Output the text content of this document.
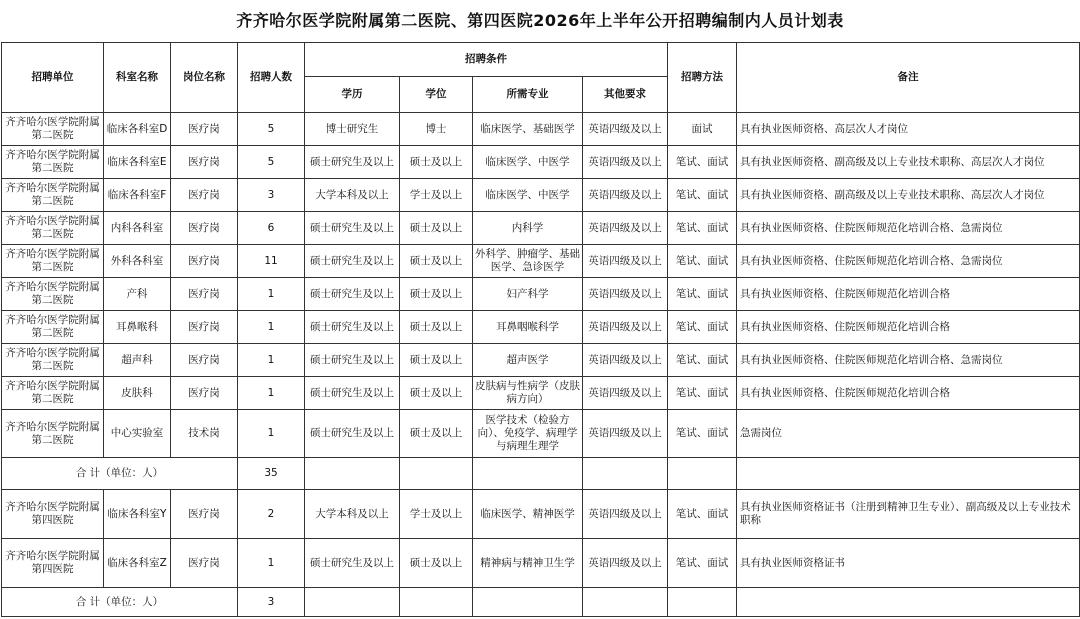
齐齐哈尔医学院附属第二医院、第四医院2026年上半年公开招聘编制内人员计划表
招聘单位	科室名称	岗位名称	招聘人数	招聘条件				招聘方法	备注
				学历	学位	所需专业	其他要求		
齐齐哈尔医学院附属第二医院	临床各科室D	医疗岗	5	博士研究生	博士	临床医学、基础医学	英语四级及以上	面试	具有执业医师资格、高层次人才岗位
齐齐哈尔医学院附属第二医院	临床各科室E	医疗岗	5	硕士研究生及以上	硕士及以上	临床医学、中医学	英语四级及以上	笔试、面试	具有执业医师资格、副高级及以上专业技术职称、高层次人才岗位
齐齐哈尔医学院附属第二医院	临床各科室F	医疗岗	3	大学本科及以上	学士及以上	临床医学、中医学	英语四级及以上	笔试、面试	具有执业医师资格、副高级及以上专业技术职称、高层次人才岗位
齐齐哈尔医学院附属第二医院	内科各科室	医疗岗	6	硕士研究生及以上	硕士及以上	内科学	英语四级及以上	笔试、面试	具有执业医师资格、住院医师规范化培训合格、急需岗位
齐齐哈尔医学院附属第二医院	外科各科室	医疗岗	11	硕士研究生及以上	硕士及以上	外科学、肿瘤学、基础医学、急诊医学	英语四级及以上	笔试、面试	具有执业医师资格、住院医师规范化培训合格、急需岗位
齐齐哈尔医学院附属第二医院	产科	医疗岗	1	硕士研究生及以上	硕士及以上	妇产科学	英语四级及以上	笔试、面试	具有执业医师资格、住院医师规范化培训合格
齐齐哈尔医学院附属第二医院	耳鼻喉科	医疗岗	1	硕士研究生及以上	硕士及以上	耳鼻咽喉科学	英语四级及以上	笔试、面试	具有执业医师资格、住院医师规范化培训合格
齐齐哈尔医学院附属第二医院	超声科	医疗岗	1	硕士研究生及以上	硕士及以上	超声医学	英语四级及以上	笔试、面试	具有执业医师资格、住院医师规范化培训合格、急需岗位
齐齐哈尔医学院附属第二医院	皮肤科	医疗岗	1	硕士研究生及以上	硕士及以上	皮肤病与性病学（皮肤病方向）	英语四级及以上	笔试、面试	具有执业医师资格、住院医师规范化培训合格
齐齐哈尔医学院附属第二医院	中心实验室	技术岗	1	硕士研究生及以上	硕士及以上	医学技术（检验方向）、免疫学、病理学与病理生理学	英语四级及以上	笔试、面试	急需岗位
合 计（单位：人）			35						
齐齐哈尔医学院附属第四医院	临床各科室Y	医疗岗	2	大学本科及以上	学士及以上	临床医学、精神医学	英语四级及以上	笔试、面试	具有执业医师资格证书（注册到精神卫生专业）、副高级及以上专业技术职称
齐齐哈尔医学院附属第四医院	临床各科室Z	医疗岗	1	硕士研究生及以上	硕士及以上	精神病与精神卫生学	英语四级及以上	笔试、面试	具有执业医师资格证书
合 计（单位：人）			3						
